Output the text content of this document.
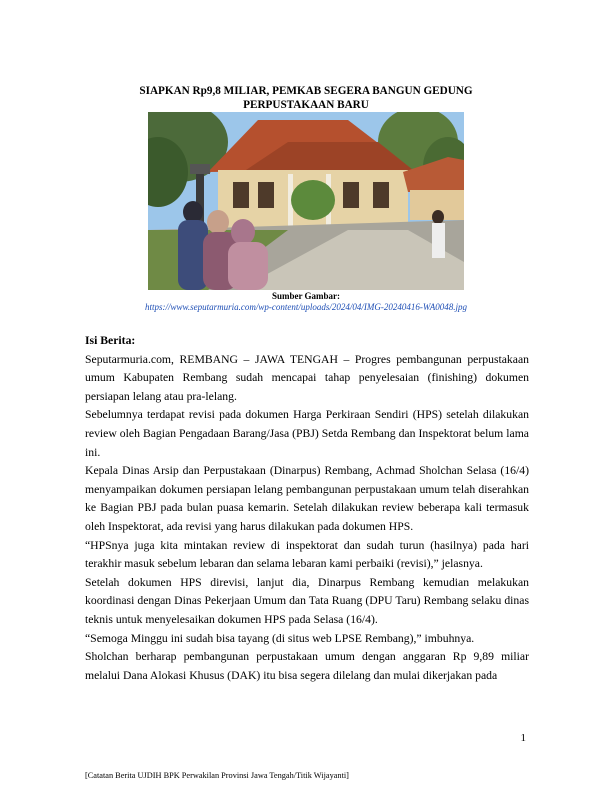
SIAPKAN Rp9,8 MILIAR, PEMKAB SEGERA BANGUN GEDUNG
PERPUSTAKAAN BARU
Sumber Gambar:
https://www.seputarmuria.com/wp-content/uploads/2024/04/IMG-20240416-WA0048.jpg
Isi Berita:

Seputarmuria.com, REMBANG – JAWA TENGAH – Progres pembangunan perpustakaan umum Kabupaten Rembang sudah mencapai tahap penyelesaian (finishing) dokumen persiapan lelang atau pra-lelang.

Sebelumnya terdapat revisi pada dokumen Harga Perkiraan Sendiri (HPS) setelah dilakukan review oleh Bagian Pengadaan Barang/Jasa (PBJ) Setda Rembang dan Inspektorat belum lama ini.

Kepala Dinas Arsip dan Perpustakaan (Dinarpus) Rembang, Achmad Sholchan Selasa (16/4) menyampaikan dokumen persiapan lelang pembangunan perpustakaan umum telah diserahkan ke Bagian PBJ pada bulan puasa kemarin. Setelah dilakukan review beberapa kali termasuk oleh Inspektorat, ada revisi yang harus dilakukan pada dokumen HPS.

“HPSnya juga kita mintakan review di inspektorat dan sudah turun (hasilnya) pada hari terakhir masuk sebelum lebaran dan selama lebaran kami perbaiki (revisi),” jelasnya.

Setelah dokumen HPS direvisi, lanjut dia, Dinarpus Rembang kemudian melakukan koordinasi dengan Dinas Pekerjaan Umum dan Tata Ruang (DPU Taru) Rembang selaku dinas teknis untuk menyelesaikan dokumen HPS pada Selasa (16/4).

“Semoga Minggu ini sudah bisa tayang (di situs web LPSE Rembang),” imbuhnya.

Sholchan berharap pembangunan perpustakaan umum dengan anggaran Rp 9,89 miliar melalui Dana Alokasi Khusus (DAK) itu bisa segera dilelang dan mulai dikerjakan pada

1
[Catatan Berita UJDIH BPK Perwakilan Provinsi Jawa Tengah/Titik Wijayanti]
